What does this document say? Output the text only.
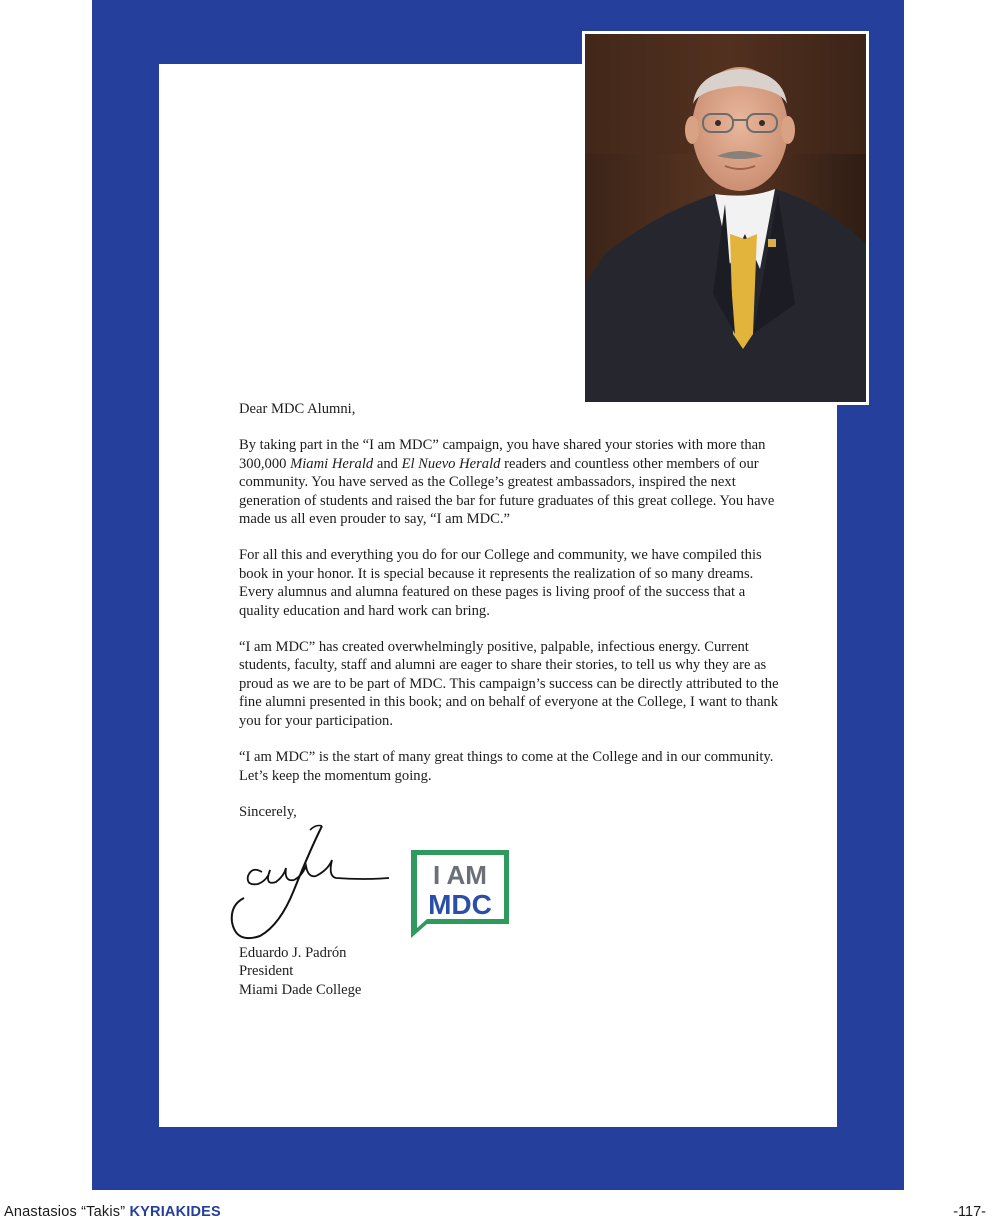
Dear MDC Alumni,

By taking part in the “I am MDC” campaign, you have shared your stories with more than 300,000 Miami Herald and El Nuevo Herald readers and countless other members of our community. You have served as the College’s greatest ambassadors, inspired the next generation of students and raised the bar for future graduates of this great college. You have made us all even prouder to say, “I am MDC.”

For all this and everything you do for our College and community, we have compiled this book in your honor. It is special because it represents the realization of so many dreams. Every alumnus and alumna featured on these pages is living proof of the success that a quality education and hard work can bring.

“I am MDC” has created overwhelmingly positive, palpable, infectious energy. Current students, faculty, staff and alumni are eager to share their stories, to tell us why they are as proud as we are to be part of MDC. This campaign’s success can be directly attributed to the fine alumni presented in this book; and on behalf of everyone at the College, I want to thank you for your participation.

“I am MDC” is the start of many great things to come at the College and in our community. Let’s keep the momentum going.

Sincerely,

I AM
MDC
Eduardo J. Padrón
President
Miami Dade College
Anastasios “Takis” KYRIAKIDES	-117-
